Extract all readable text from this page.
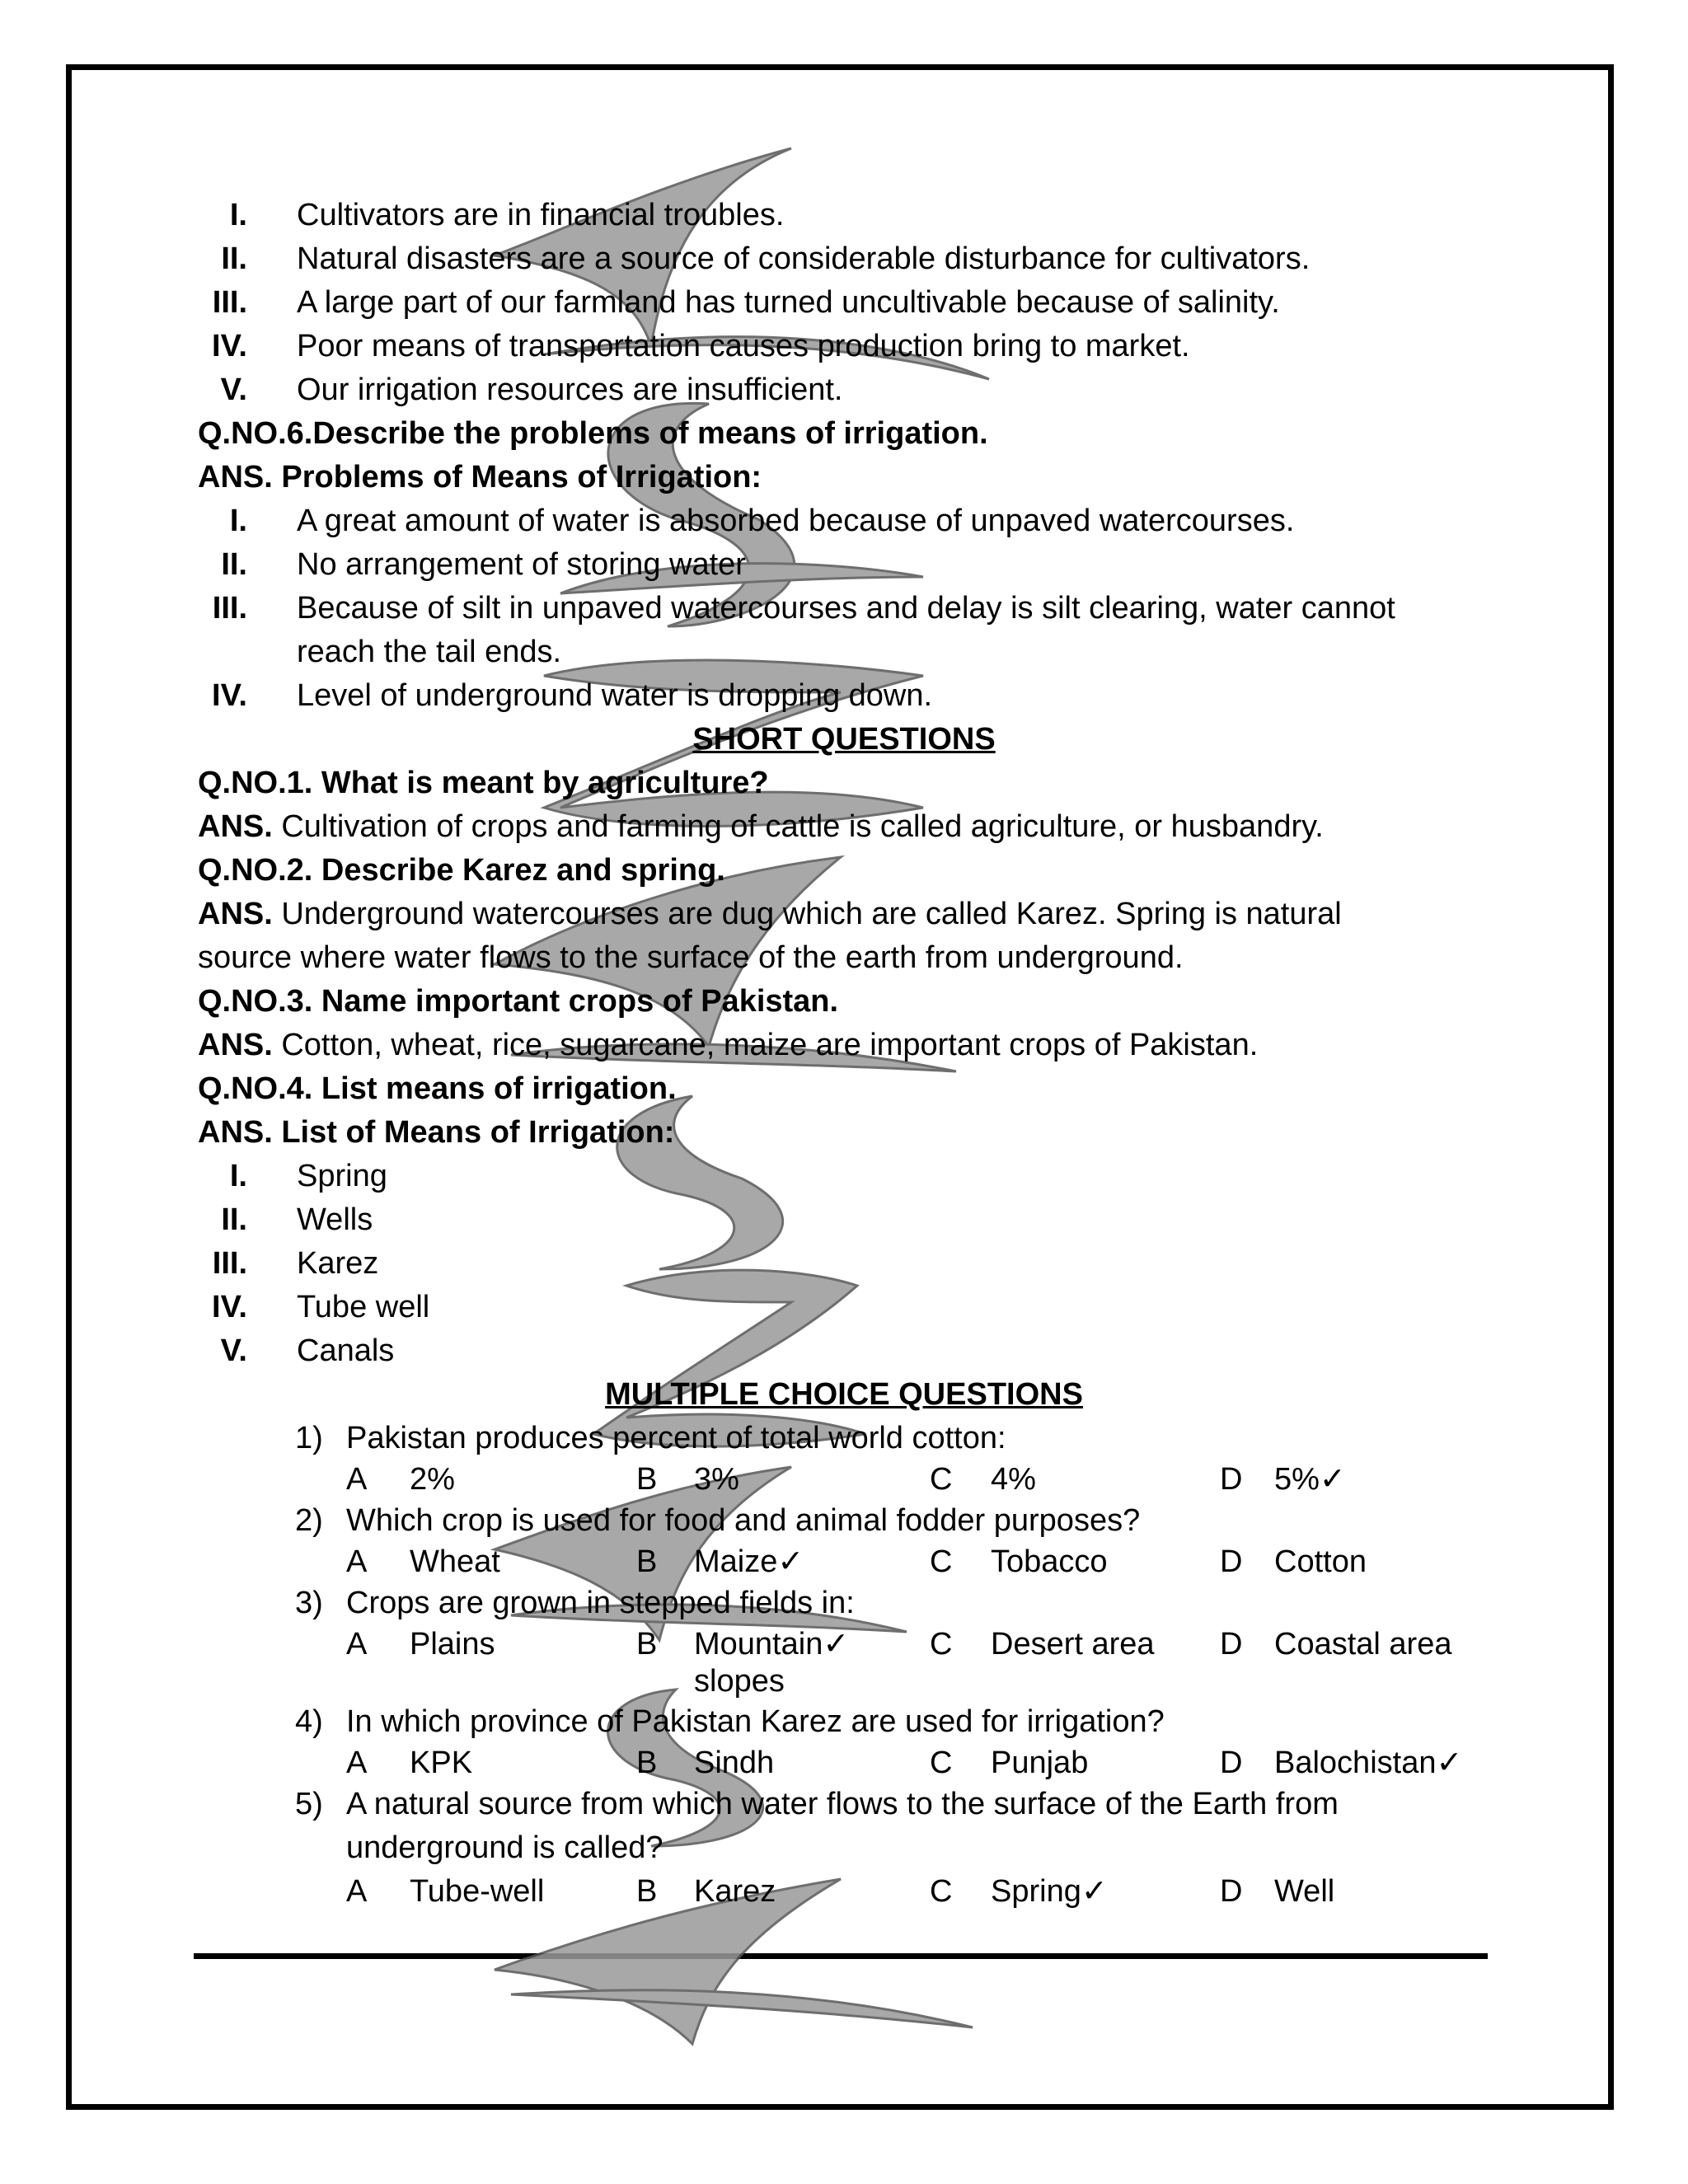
I. Cultivators are in financial troubles.
II. Natural disasters are a source of considerable disturbance for cultivators.
III. A large part of our farmland has turned uncultivable because of salinity.
IV. Poor means of transportation causes production bring to market.
V. Our irrigation resources are insufficient.
Q.NO.6.Describe the problems of means of irrigation.
ANS. Problems of Means of Irrigation:
I. A great amount of water is absorbed because of unpaved watercourses.
II. No arrangement of storing water
III. Because of silt in unpaved watercourses and delay is silt clearing, water cannot
reach the tail ends.
IV. Level of underground water is dropping down.
SHORT QUESTIONS
Q.NO.1. What is meant by agriculture?
ANS. Cultivation of crops and farming of cattle is called agriculture, or husbandry.
Q.NO.2. Describe Karez and spring.
ANS. Underground watercourses are dug which are called Karez. Spring is natural
source where water flows to the surface of the earth from underground.
Q.NO.3. Name important crops of Pakistan.
ANS. Cotton, wheat, rice, sugarcane, maize are important crops of Pakistan.
Q.NO.4. List means of irrigation.
ANS. List of Means of Irrigation:
I. Spring
II. Wells
III. Karez
IV. Tube well
V. Canals
MULTIPLE CHOICE QUESTIONS
1) Pakistan produces percent of total world cotton:
A 2%	B 3%	C 4%	D 5%✓
2) Which crop is used for food and animal fodder purposes?
A Wheat	B Maize✓	C Tobacco	D Cotton
3) Crops are grown in stepped fields in:
A Plains	B Mountain✓	C Desert area D Coastal area
slopes
4) In which province of Pakistan Karez are used for irrigation?
A KPK	B Sindh	C Punjab	D Balochistan✓
5) A natural source from which water flows to the surface of the Earth from
underground is called?
A Tube-well	B Karez	C Spring✓	D Well
